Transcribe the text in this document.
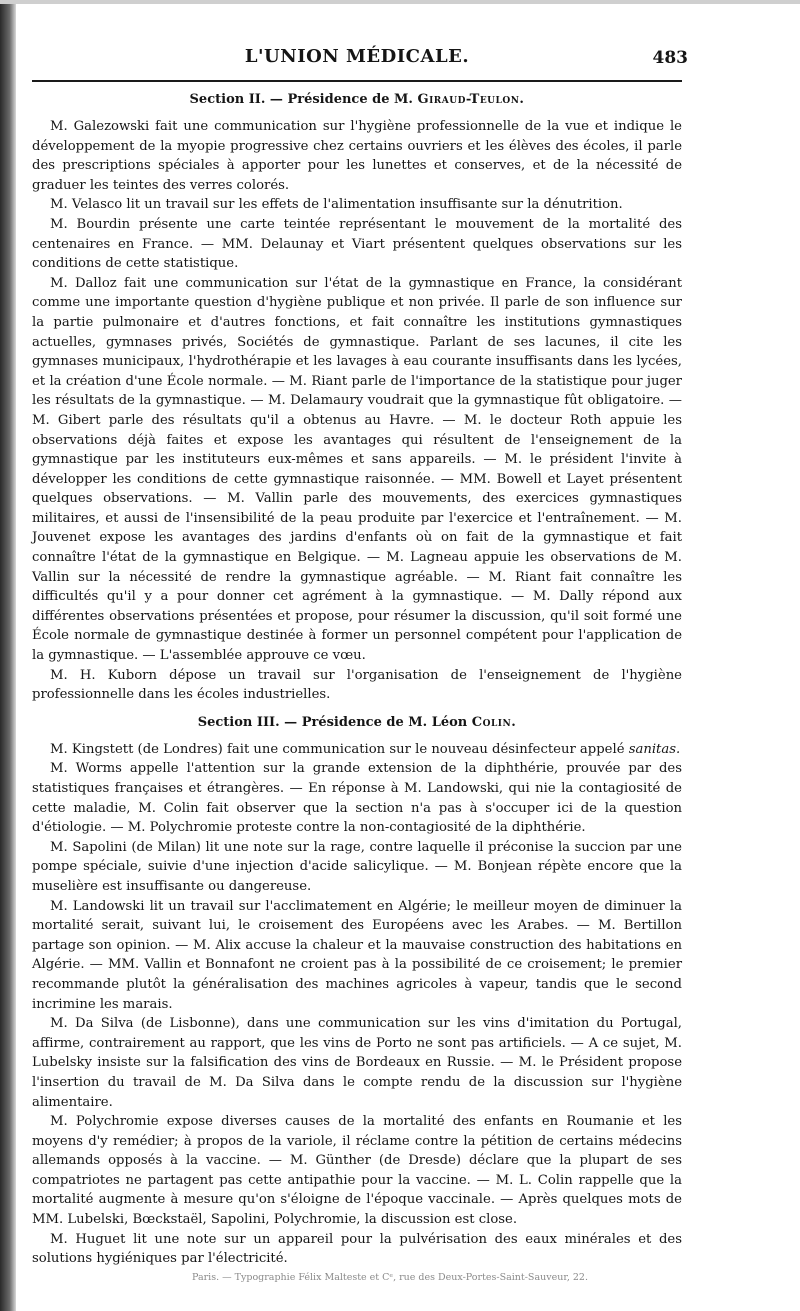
L'UNION MÉDICALE.	483
Section II. — Présidence de M. Giraud-Teulon.

M. Galezowski fait une communication sur l'hygiène professionnelle de la vue et indique le développement de la myopie progressive chez certains ouvriers et les élèves des écoles, il parle des prescriptions spéciales à apporter pour les lunettes et conserves, et de la nécessité de graduer les teintes des verres colorés.

M. Velasco lit un travail sur les effets de l'alimentation insuffisante sur la dénutrition.

M. Bourdin présente une carte teintée représentant le mouvement de la mortalité des centenaires en France. — MM. Delaunay et Viart présentent quelques observations sur les conditions de cette statistique.

M. Dalloz fait une communication sur l'état de la gymnastique en France, la considérant comme une importante question d'hygiène publique et non privée. Il parle de son influence sur la partie pulmonaire et d'autres fonctions, et fait connaître les institutions gymnastiques actuelles, gymnases privés, Sociétés de gymnastique. Parlant de ses lacunes, il cite les gymnases municipaux, l'hydrothérapie et les lavages à eau courante insuffisants dans les lycées, et la création d'une École normale. — M. Riant parle de l'importance de la statistique pour juger les résultats de la gymnastique. — M. Delamaury voudrait que la gymnastique fût obligatoire. — M. Gibert parle des résultats qu'il a obtenus au Havre. — M. le docteur Roth appuie les observations déjà faites et expose les avantages qui résultent de l'enseignement de la gymnastique par les instituteurs eux-mêmes et sans appareils. — M. le président l'invite à développer les conditions de cette gymnastique raisonnée. — MM. Bowell et Layet présentent quelques observations. — M. Vallin parle des mouvements, des exercices gymnastiques militaires, et aussi de l'insensibilité de la peau produite par l'exercice et l'entraînement. — M. Jouvenet expose les avantages des jardins d'enfants où on fait de la gymnastique et fait connaître l'état de la gymnastique en Belgique. — M. Lagneau appuie les observations de M. Vallin sur la nécessité de rendre la gymnastique agréable. — M. Riant fait connaître les difficultés qu'il y a pour donner cet agrément à la gymnastique. — M. Dally répond aux différentes observations présentées et propose, pour résumer la discussion, qu'il soit formé une École normale de gymnastique destinée à former un personnel compétent pour l'application de la gymnastique. — L'assemblée approuve ce vœu.

M. H. Kuborn dépose un travail sur l'organisation de l'enseignement de l'hygiène professionnelle dans les écoles industrielles.

Section III. — Présidence de M. Léon Colin.

M. Kingstett (de Londres) fait une communication sur le nouveau désinfecteur appelé sanitas.

M. Worms appelle l'attention sur la grande extension de la diphthérie, prouvée par des statistiques françaises et étrangères. — En réponse à M. Landowski, qui nie la contagiosité de cette maladie, M. Colin fait observer que la section n'a pas à s'occuper ici de la question d'étiologie. — M. Polychromie proteste contre la non-contagiosité de la diphthérie.

M. Sapolini (de Milan) lit une note sur la rage, contre laquelle il préconise la succion par une pompe spéciale, suivie d'une injection d'acide salicylique. — M. Bonjean répète encore que la muselière est insuffisante ou dangereuse.

M. Landowski lit un travail sur l'acclimatement en Algérie; le meilleur moyen de diminuer la mortalité serait, suivant lui, le croisement des Européens avec les Arabes. — M. Bertillon partage son opinion. — M. Alix accuse la chaleur et la mauvaise construction des habitations en Algérie. — MM. Vallin et Bonnafont ne croient pas à la possibilité de ce croisement; le premier recommande plutôt la généralisation des machines agricoles à vapeur, tandis que le second incrimine les marais.

M. Da Silva (de Lisbonne), dans une communication sur les vins d'imitation du Portugal, affirme, contrairement au rapport, que les vins de Porto ne sont pas artificiels. — A ce sujet, M. Lubelsky insiste sur la falsification des vins de Bordeaux en Russie. — M. le Président propose l'insertion du travail de M. Da Silva dans le compte rendu de la discussion sur l'hygiène alimentaire.

M. Polychromie expose diverses causes de la mortalité des enfants en Roumanie et les moyens d'y remédier; à propos de la variole, il réclame contre la pétition de certains médecins allemands opposés à la vaccine. — M. Günther (de Dresde) déclare que la plupart de ses compatriotes ne partagent pas cette antipathie pour la vaccine. — M. L. Colin rappelle que la mortalité augmente à mesure qu'on s'éloigne de l'époque vaccinale. — Après quelques mots de MM. Lubelski, Bœckstaël, Sapolini, Polychromie, la discussion est close.

M. Huguet lit une note sur un appareil pour la pulvérisation des eaux minérales et des solutions hygiéniques par l'électricité.

Paris. — Typographie Félix Malteste et Cᵉ, rue des Deux-Portes-Saint-Sauveur, 22.
